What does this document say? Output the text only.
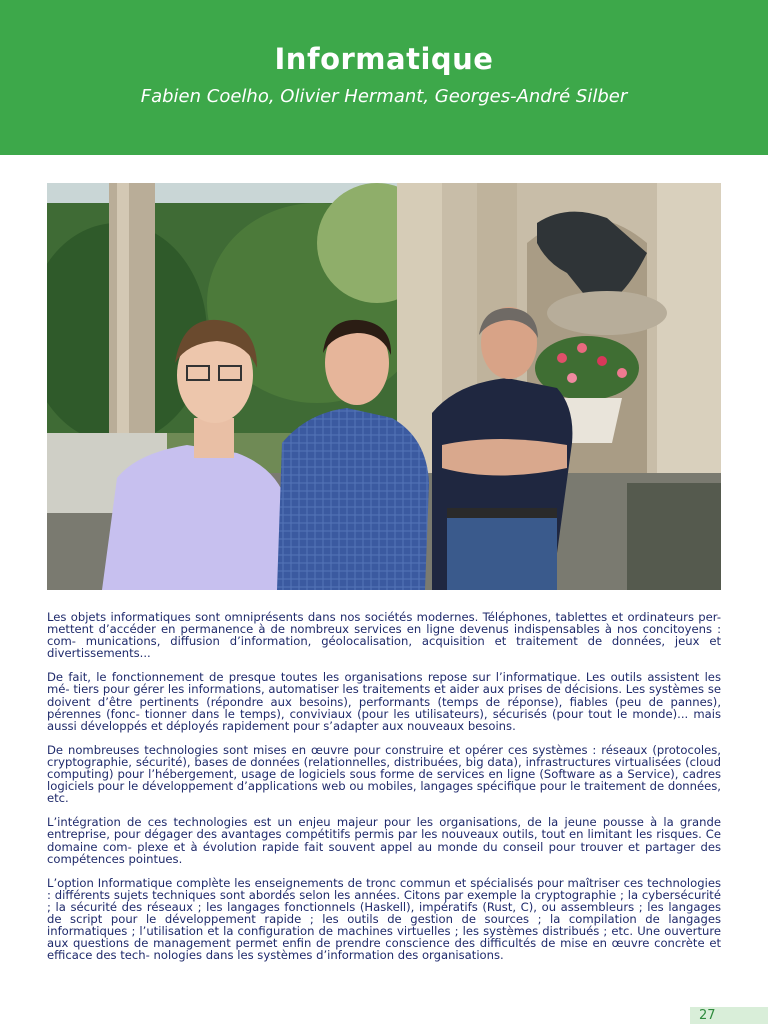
Informatique
Fabien Coelho, Olivier Hermant, Georges-André Silber

Les objets informatiques sont omniprésents dans nos sociétés modernes. Téléphones, tablettes et ordinateurs per- mettent d’accéder en permanence à de nombreux services en ligne devenus indispensables à nos concitoyens : com- munications, diffusion d’information, géolocalisation, acquisition et traitement de données, jeux et divertissements...

De fait, le fonctionnement de presque toutes les organisations repose sur l’informatique. Les outils assistent les mé- tiers pour gérer les informations, automatiser les traitements et aider aux prises de décisions. Les systèmes se doivent d’être pertinents (répondre aux besoins), performants (temps de réponse), fiables (peu de pannes), pérennes (fonc- tionner dans le temps), conviviaux (pour les utilisateurs), sécurisés (pour tout le monde)... mais aussi développés et déployés rapidement pour s’adapter aux nouveaux besoins.

De nombreuses technologies sont mises en œuvre pour construire et opérer ces systèmes : réseaux (protocoles, cryptographie, sécurité), bases de données (relationnelles, distribuées, big data), infrastructures virtualisées (cloud computing) pour l’hébergement, usage de logiciels sous forme de services en ligne (Software as a Service), cadres logiciels pour le développement d’applications web ou mobiles, langages spécifique pour le traitement de données, etc.

L’intégration de ces technologies est un enjeu majeur pour les organisations, de la jeune pousse à la grande entreprise, pour dégager des avantages compétitifs permis par les nouveaux outils, tout en limitant les risques. Ce domaine com- plexe et à évolution rapide fait souvent appel au monde du conseil pour trouver et partager des compétences pointues.

L’option Informatique complète les enseignements de tronc commun et spécialisés pour maîtriser ces technologies : différents sujets techniques sont abordés selon les années. Citons par exemple la cryptographie ; la cybersécurité ; la sécurité des réseaux ; les langages fonctionnels (Haskell), impératifs (Rust, C), ou assembleurs ; les langages de script pour le développement rapide ; les outils de gestion de sources ; la compilation de langages informatiques ; l’utilisation et la configuration de machines virtuelles ; les systèmes distribués ; etc. Une ouverture aux questions de management permet enfin de prendre conscience des difficultés de mise en œuvre concrète et efficace des tech- nologies dans les systèmes d’information des organisations.

27
